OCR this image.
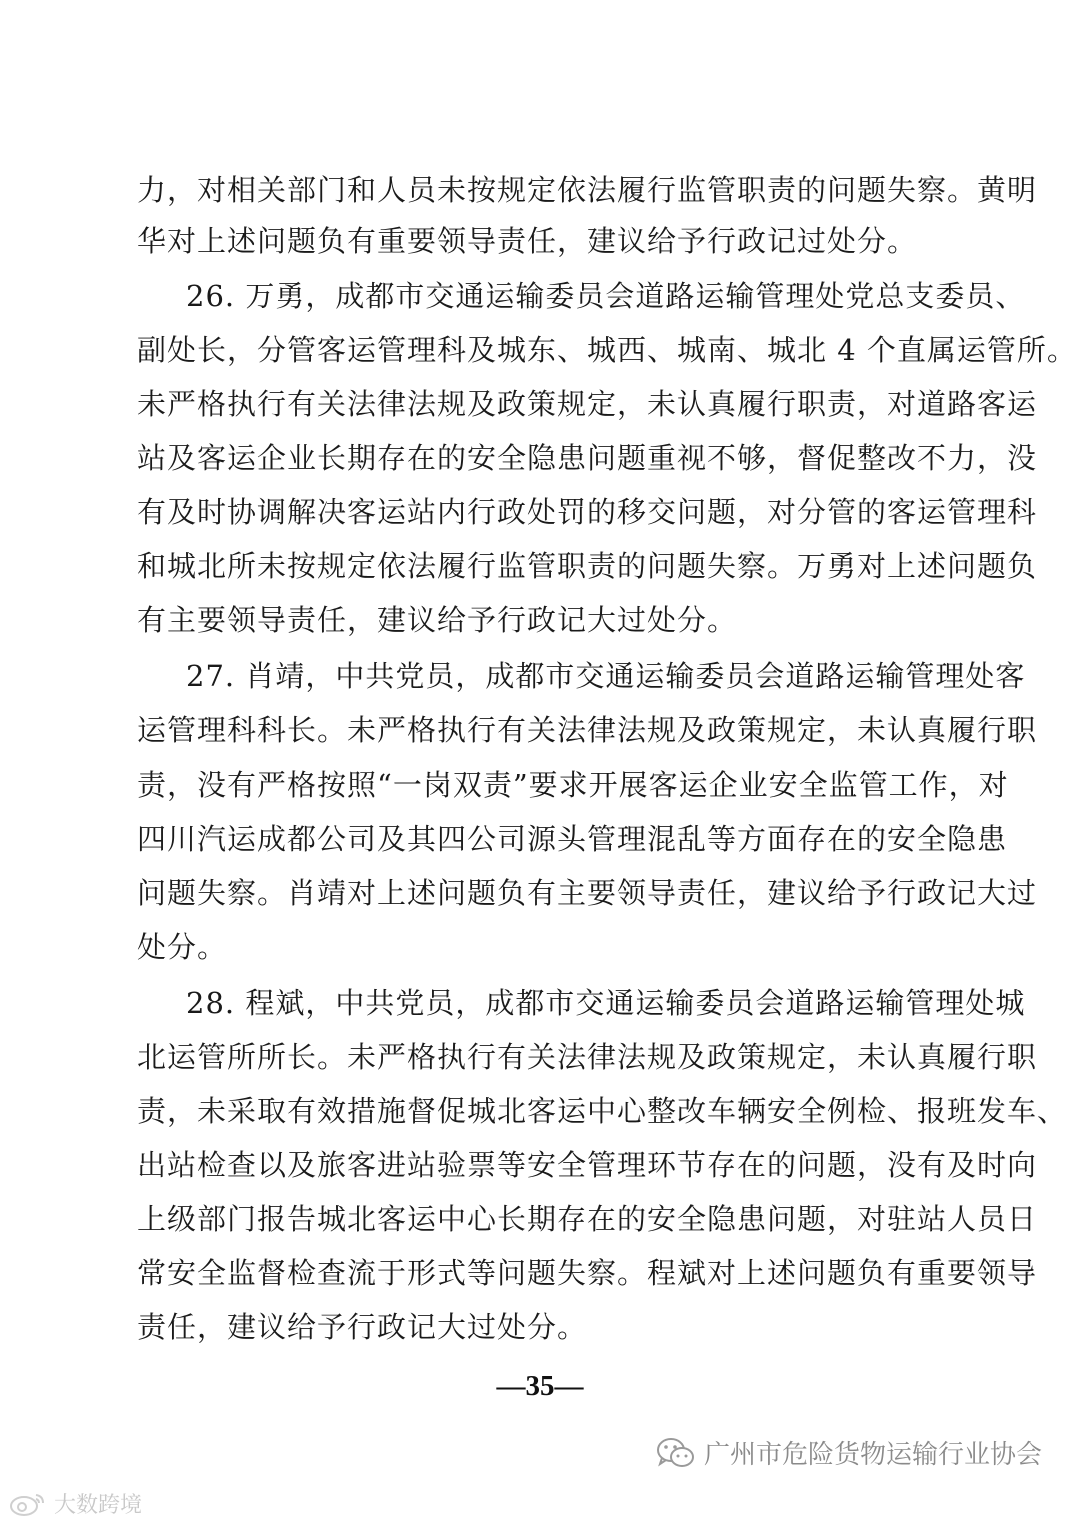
力，对相关部门和人员未按规定依法履行监管职责的问题失察。黄明
华对上述问题负有重要领导责任，建议给予行政记过处分。
26. 万勇，成都市交通运输委员会道路运输管理处党总支委员、
副处长，分管客运管理科及城东、城西、城南、城北 4 个直属运管所。
未严格执行有关法律法规及政策规定，未认真履行职责，对道路客运
站及客运企业长期存在的安全隐患问题重视不够，督促整改不力，没
有及时协调解决客运站内行政处罚的移交问题，对分管的客运管理科
和城北所未按规定依法履行监管职责的问题失察。万勇对上述问题负
有主要领导责任，建议给予行政记大过处分。
27. 肖靖，中共党员，成都市交通运输委员会道路运输管理处客
运管理科科长。未严格执行有关法律法规及政策规定，未认真履行职
责，没有严格按照“一岗双责”要求开展客运企业安全监管工作，对
四川汽运成都公司及其四公司源头管理混乱等方面存在的安全隐患
问题失察。肖靖对上述问题负有主要领导责任，建议给予行政记大过
处分。
28. 程斌，中共党员，成都市交通运输委员会道路运输管理处城
北运管所所长。未严格执行有关法律法规及政策规定，未认真履行职
责，未采取有效措施督促城北客运中心整改车辆安全例检、报班发车、
出站检查以及旅客进站验票等安全管理环节存在的问题，没有及时向
上级部门报告城北客运中心长期存在的安全隐患问题，对驻站人员日
常安全监督检查流于形式等问题失察。程斌对上述问题负有重要领导
责任，建议给予行政记大过处分。
—35—
广州市危险货物运输行业协会
大数跨境
